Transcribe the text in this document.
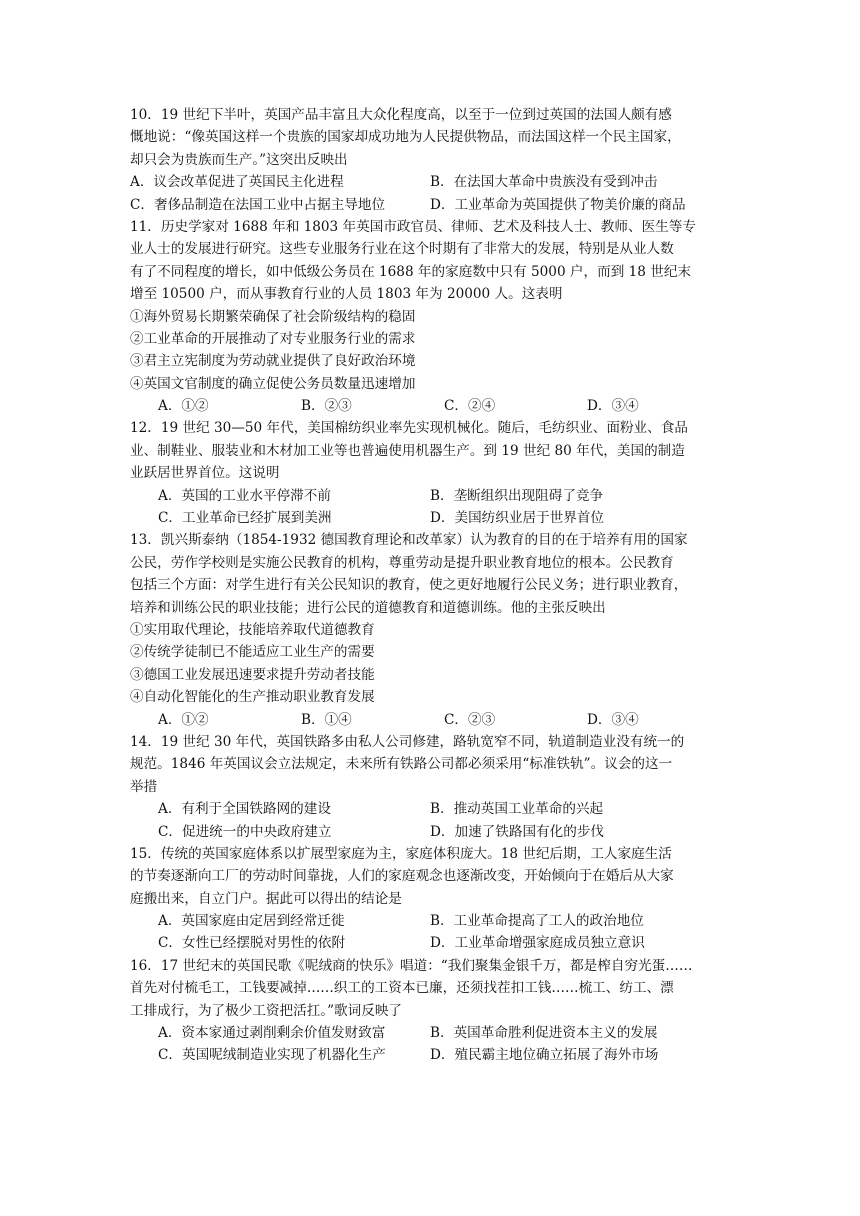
10．19 世纪下半叶，英国产品丰富且大众化程度高，以至于一位到过英国的法国人颇有感
慨地说：“像英国这样一个贵族的国家却成功地为人民提供物品，而法国这样一个民主国家，
却只会为贵族而生产。”这突出反映出
A．议会改革促进了英国民主化进程	B．在法国大革命中贵族没有受到冲击
C．奢侈品制造在法国工业中占据主导地位	D．工业革命为英国提供了物美价廉的商品
11．历史学家对 1688 年和 1803 年英国市政官员、律师、艺术及科技人士、教师、医生等专
业人士的发展进行研究。这些专业服务行业在这个时期有了非常大的发展，特别是从业人数
有了不同程度的增长，如中低级公务员在 1688 年的家庭数中只有 5000 户，而到 18 世纪末
增至 10500 户，而从事教育行业的人员 1803 年为 20000 人。这表明
①海外贸易长期繁荣确保了社会阶级结构的稳固
②工业革命的开展推动了对专业服务行业的需求
③君主立宪制度为劳动就业提供了良好政治环境
④英国文官制度的确立促使公务员数量迅速增加
A．①②	B．②③	C．②④	D．③④
12．19 世纪 30—50 年代，美国棉纺织业率先实现机械化。随后，毛纺织业、面粉业、食品
业、制鞋业、服装业和木材加工业等也普遍使用机器生产。到 19 世纪 80 年代，美国的制造
业跃居世界首位。这说明
A．英国的工业水平停滞不前	B．垄断组织出现阻碍了竞争
C．工业革命已经扩展到美洲	D．美国纺织业居于世界首位
13．凯兴斯泰纳（1854-1932 德国教育理论和改革家）认为教育的目的在于培养有用的国家
公民，劳作学校则是实施公民教育的机构，尊重劳动是提升职业教育地位的根本。公民教育
包括三个方面：对学生进行有关公民知识的教育，使之更好地履行公民义务；进行职业教育，
培养和训练公民的职业技能；进行公民的道德教育和道德训练。他的主张反映出
①实用取代理论，技能培养取代道德教育
②传统学徒制已不能适应工业生产的需要
③德国工业发展迅速要求提升劳动者技能
④自动化智能化的生产推动职业教育发展
A．①②	B．①④	C．②③	D．③④
14．19 世纪 30 年代，英国铁路多由私人公司修建，路轨宽窄不同，轨道制造业没有统一的
规范。1846 年英国议会立法规定，未来所有铁路公司都必须采用“标准铁轨”。议会的这一
举措
A．有利于全国铁路网的建设	B．推动英国工业革命的兴起
C．促进统一的中央政府建立	D．加速了铁路国有化的步伐
15．传统的英国家庭体系以扩展型家庭为主，家庭体积庞大。18 世纪后期，工人家庭生活
的节奏逐渐向工厂的劳动时间靠拢，人们的家庭观念也逐渐改变，开始倾向于在婚后从大家
庭搬出来，自立门户。据此可以得出的结论是
A．英国家庭由定居到经常迁徙	B．工业革命提高了工人的政治地位
C．女性已经摆脱对男性的依附	D．工业革命增强家庭成员独立意识
16．17 世纪末的英国民歌《呢绒商的快乐》唱道：“我们聚集金银千万，都是榨自穷光蛋……
首先对付梳毛工，工钱要减掉……织工的工资本已廉，还须找茬扣工钱……梳工、纺工、漂
工排成行，为了极少工资把活扛。”歌词反映了
A．资本家通过剥削剩余价值发财致富	B．英国革命胜利促进资本主义的发展
C．英国呢绒制造业实现了机器化生产	D．殖民霸主地位确立拓展了海外市场
